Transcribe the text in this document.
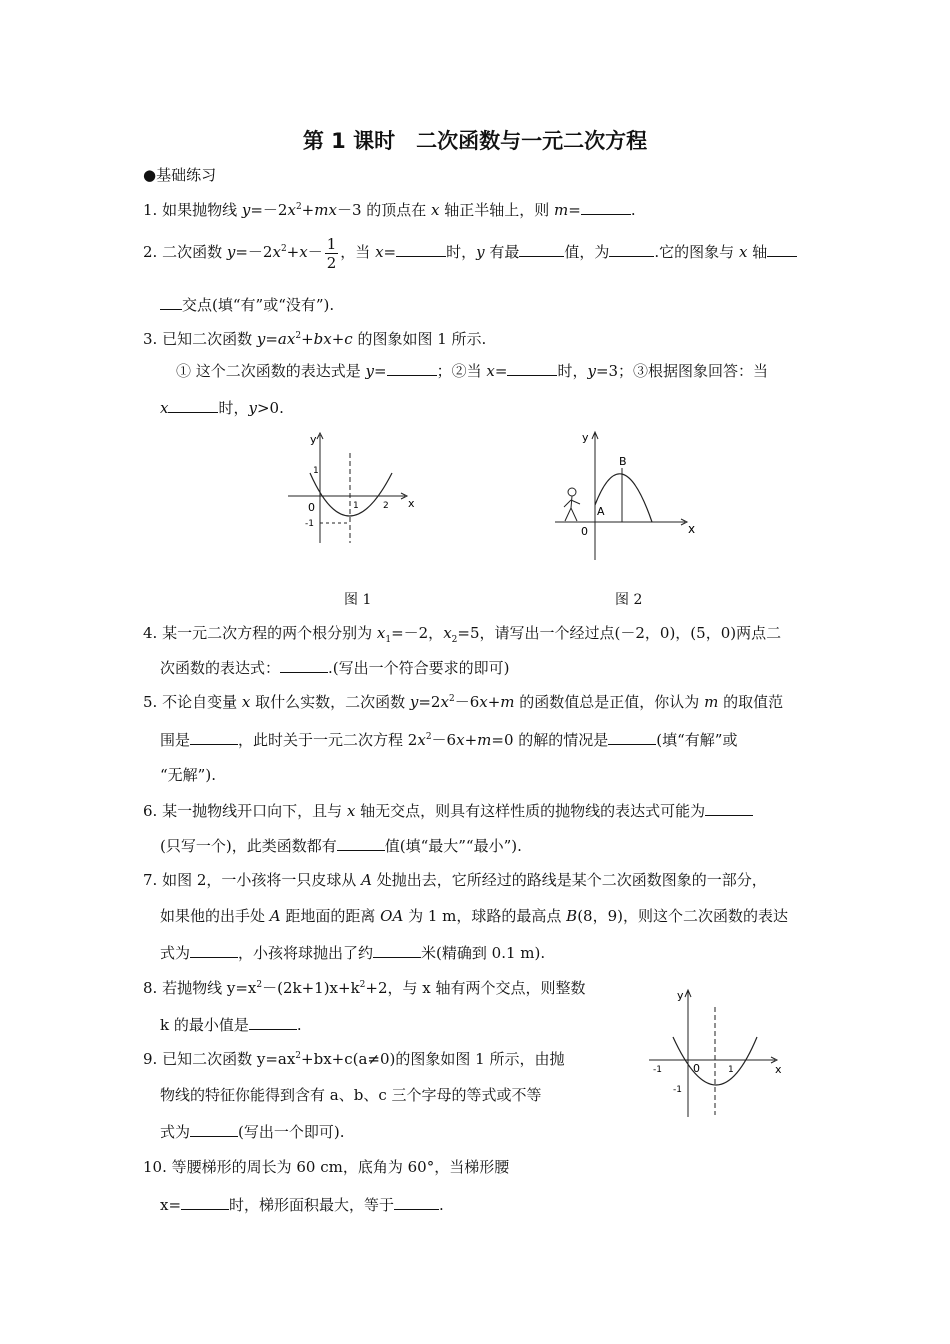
第 1 课时　二次函数与一元二次方程
●基础练习
1. 如果抛物线 $y=-2x^2+mx-3$ 的顶点在 x 轴正半轴上，则 m=	.
2. 二次函数 $y=-2x^2+x- \frac{1}{2}$ ，当 x=	时，y 有最	值，为	.它的图象与 x 轴
交点(填“有”或“没有”).
3. 已知二次函数 $y=ax^2+bx+c$ 的图象如图 1 所示.
① 这个二次函数的表达式是 y=	；②当 x=	时，y=3；③根据图象回答：当
x	时，y>0.
y
x
0
1
1	2
-1
图 1
y
x
0
A
B
图 2
4. 某一元二次方程的两个根分别为 $x_1=-2$，$x_2=5$，请写出一个经过点(－2，0)，(5，0)两点二
次函数的表达式：	.(写出一个符合要求的即可)
5. 不论自变量 x 取什么实数，二次函数 $y=2x^2-6x+m$ 的函数值总是正值，你认为 m 的取值范
围是	，此时关于一元二次方程 $2x^2-6x+m=0$ 的解的情况是	(填“有解”或
“无解”).
6. 某一抛物线开口向下，且与 x 轴无交点，则具有这样性质的抛物线的表达式可能为
(只写一个)，此类函数都有	值(填“最大”“最小”).
7. 如图 2，一小孩将一只皮球从 A 处抛出去，它所经过的路线是某个二次函数图象的一部分，
如果他的出手处 A 距地面的距离 OA 为 1 m，球路的最高点 B(8，9)，则这个二次函数的表达
式为	，小孩将球抛出了约	米(精确到 0.1 m).
8. 若抛物线 $y=x^2-(2k+1)x+k^2+2$，与 x 轴有两个交点，则整数
k 的最小值是	.
9. 已知二次函数 $y=ax^2+bx+c(a\ne 0)$的图象如图 1 所示，由抛
物线的特征你能得到含有 a、b、c 三个字母的等式或不等
式为	(写出一个即可).
10. 等腰梯形的周长为 60 cm，底角为 60°，当梯形腰
x=	时，梯形面积最大，等于	.
y
x
0
-1	1
-1
